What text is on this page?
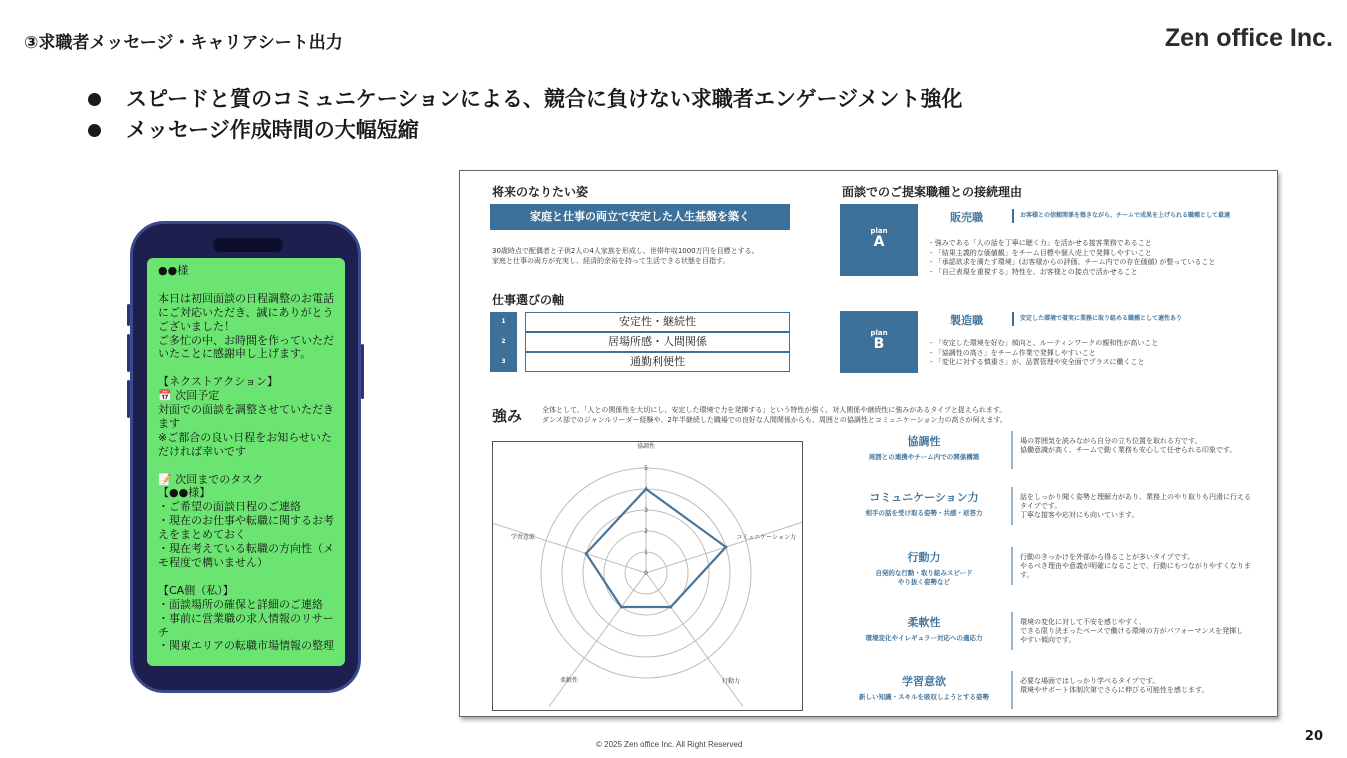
③求職者メッセージ・キャリアシート出力	Zen office Inc.
スピードと質のコミュニケーションによる、競合に負けない求職者エンゲージメント強化
メッセージ作成時間の大幅短縮
●●様
本日は初回面談の日程調整のお電話
にご対応いただき、誠にありがとう
ございました！
ご多忙の中、お時間を作っていただ
いたことに感謝申し上げます。
【ネクストアクション】
📅 次回予定
対面での面談を調整させていただき
ます
※ご都合の良い日程をお知らせいた
だければ幸いです
📝 次回までのタスク
【●●様】
・ご希望の面談日程のご連絡
・現在のお仕事や転職に関するお考
えをまとめておく
・現在考えている転職の方向性（メ
モ程度で構いません）
【CA側（私）】
・面談場所の確保と詳細のご連絡
・事前に営業職の求人情報のリサー
チ
・関東エリアの転職市場情報の整理
将来のなりたい姿
家庭と仕事の両立で安定した人生基盤を築く
30歳時点で配偶者と子供2人の4人家族を形成し、世帯年収1000万円を目標とする。
家庭と仕事の両方が充実し、経済的余裕を持って生活できる状態を目指す。
仕事選びの軸
1	安定性・継続性
2	居場所感・人間関係
3	通勤利便性
面談でのご提案職種との接続理由
plan
A
販売職	お客様との信頼関係を築きながら、チームで成果を上げられる職種として最適
- 強みである「人の話を丁寧に聴く力」を活かせる接客業務であること
- 「結果主義的な価値観」をチーム目標や個人売上で発揮しやすいこと
- 「承認欲求を満たす環境」(お客様からの評価、チーム内での存在価値) が整っていること
- 「自己表現を重視する」特性を、お客様との接点で活かせること
plan
B
製造職	安定した環境で着実に業務に取り組める職種として適性あり
- 「安定した環境を好む」傾向と、ルーティンワークの親和性が高いこと
- 「協調性の高さ」をチーム作業で発揮しやすいこと
- 「変化に対する慎重さ」が、品質管理や安全面でプラスに働くこと
強み	全体として、「人との関係性を大切にし、安定した環境で力を発揮する」という特性が強く、対人関係や継続性に強みがあるタイプと捉えられます。
ダンス部でのジャンルリーダー経験や、2年半継続した職場での良好な人間関係からも、周囲との協調性とコミュニケーション力の高さが伺えます。
0
1
2
3
5
協調性
コミュニケーション力
行動力
柔軟性
学習意欲
協調性
周囲との連携やチーム内での関係構築
場の雰囲気を読みながら自分の立ち位置を取れる方です。
協働意識が高く、チームで動く業務も安心して任せられる印象です。
コミュニケーション力
相手の話を受け取る姿勢・共感・返答力
話をしっかり聞く姿勢と理解力があり、業務上のやり取りも円滑に行える
タイプです。
丁寧な接客や応対にも向いています。
行動力
自発的な行動・取り組みスピード
やり抜く姿勢など
行動のきっかけを外部から得ることが多いタイプです。
やるべき理由や意義が明確になることで、行動にもつながりやすくなりま
す。
柔軟性
環境変化やイレギュラー対応への適応力
環境の変化に対して不安を感じやすく、
できる限り決まったペースで働ける環境の方がパフォーマンスを発揮し
やすい傾向です。
学習意欲
新しい知識・スキルを吸収しようとする姿勢
必要な場面ではしっかり学べるタイプです。
環境やサポート体制次第でさらに伸びる可能性を感じます。
© 2025 Zen office Inc. All Right Reserved
20
